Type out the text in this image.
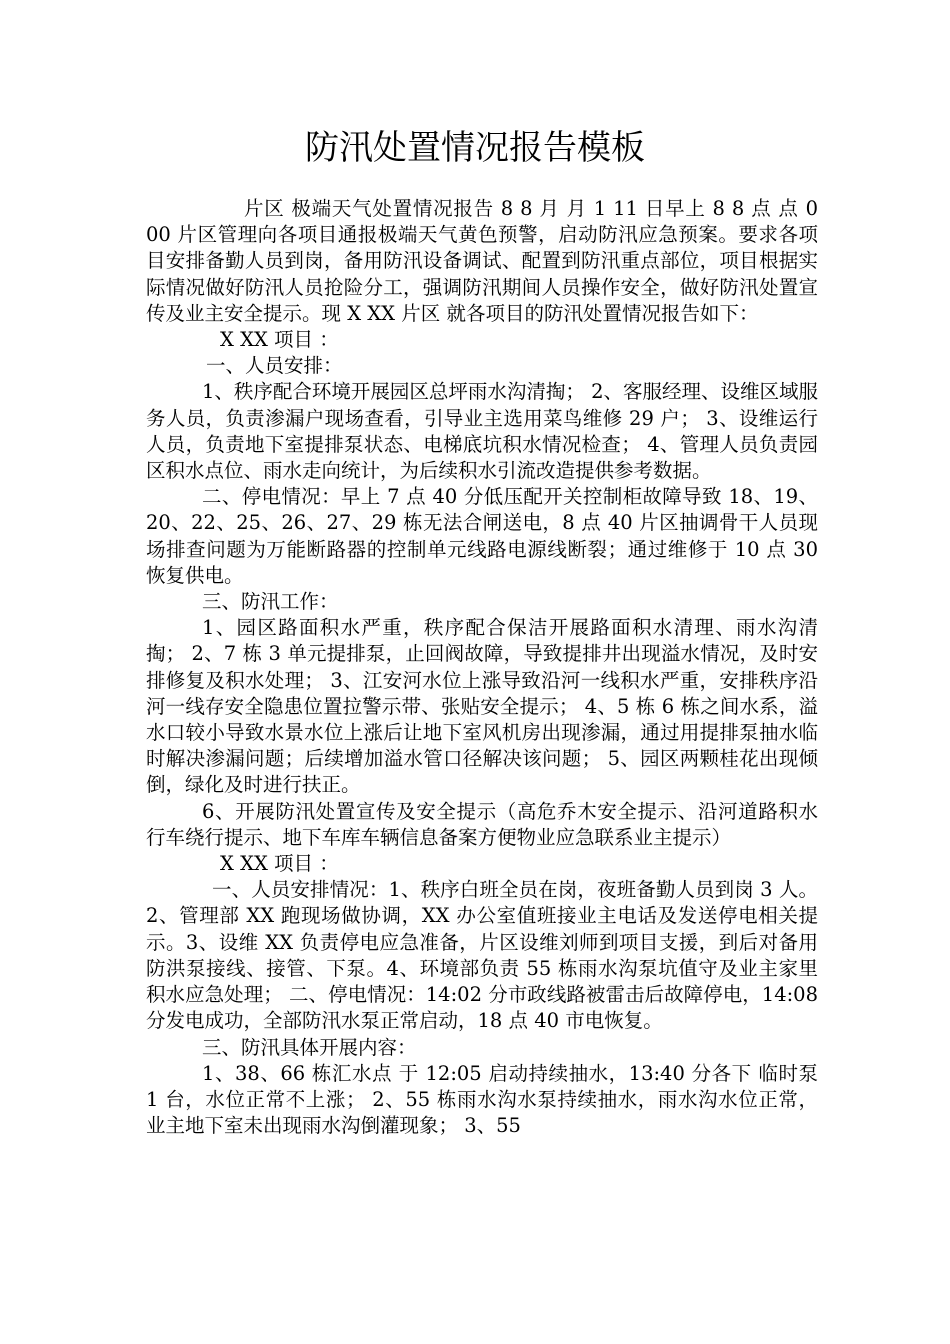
防汛处置情况报告模板

片区 极端天气处置情况报告 8 8 月 月 1 11 日早上 8 8 点 点 0 00 片区管理向各项目通报极端天气黄色预警，启动防汛应急预案。要求各项目安排备勤人员到岗，备用防汛设备调试、配置到防汛重点部位，项目根据实际情况做好防汛人员抢险分工，强调防汛期间人员操作安全，做好防汛处置宣传及业主安全提示。现 X XX 片区 就各项目的防汛处置情况报告如下：

X XX 项目 ：

一、人员安排：

1、秩序配合环境开展园区总坪雨水沟清掏； 2、客服经理、设维区域服务人员，负责渗漏户现场查看，引导业主选用菜鸟维修 29 户； 3、设维运行人员，负责地下室提排泵状态、电梯底坑积水情况检查； 4、管理人员负责园区积水点位、雨水走向统计，为后续积水引流改造提供参考数据。

二、停电情况：早上 7 点 40 分低压配开关控制柜故障导致 18、19、20、22、25、26、27、29 栋无法合闸送电，8 点 40 片区抽调骨干人员现场排查问题为万能断路器的控制单元线路电源线断裂；通过维修于 10 点 30 恢复供电。

三、防汛工作：

1、园区路面积水严重，秩序配合保洁开展路面积水清理、雨水沟清掏； 2、7 栋 3 单元提排泵，止回阀故障，导致提排井出现溢水情况，及时安排修复及积水处理； 3、江安河水位上涨导致沿河一线积水严重，安排秩序沿河一线存安全隐患位置拉警示带、张贴安全提示； 4、5 栋 6 栋之间水系，溢水口较小导致水景水位上涨后让地下室风机房出现渗漏，通过用提排泵抽水临时解决渗漏问题；后续增加溢水管口径解决该问题； 5、园区两颗桂花出现倾倒，绿化及时进行扶正。

6、开展防汛处置宣传及安全提示（高危乔木安全提示、沿河道路积水行车绕行提示、地下车库车辆信息备案方便物业应急联系业主提示）

X XX 项目 ：

一、人员安排情况：1、秩序白班全员在岗，夜班备勤人员到岗 3 人。2、管理部 XX 跑现场做协调，XX 办公室值班接业主电话及发送停电相关提示。3、设维 XX 负责停电应急准备，片区设维刘师到项目支援，到后对备用防洪泵接线、接管、下泵。4、环境部负责 55 栋雨水沟泵坑值守及业主家里积水应急处理； 二、停电情况：14:02 分市政线路被雷击后故障停电，14:08 分发电成功，全部防汛水泵正常启动，18 点 40 市电恢复。

三、防汛具体开展内容：

1、38、66 栋汇水点 于 12:05 启动持续抽水，13:40 分各下 临时泵 1 台，水位正常不上涨； 2、55 栋雨水沟水泵持续抽水，雨水沟水位正常，业主地下室未出现雨水沟倒灌现象； 3、55
